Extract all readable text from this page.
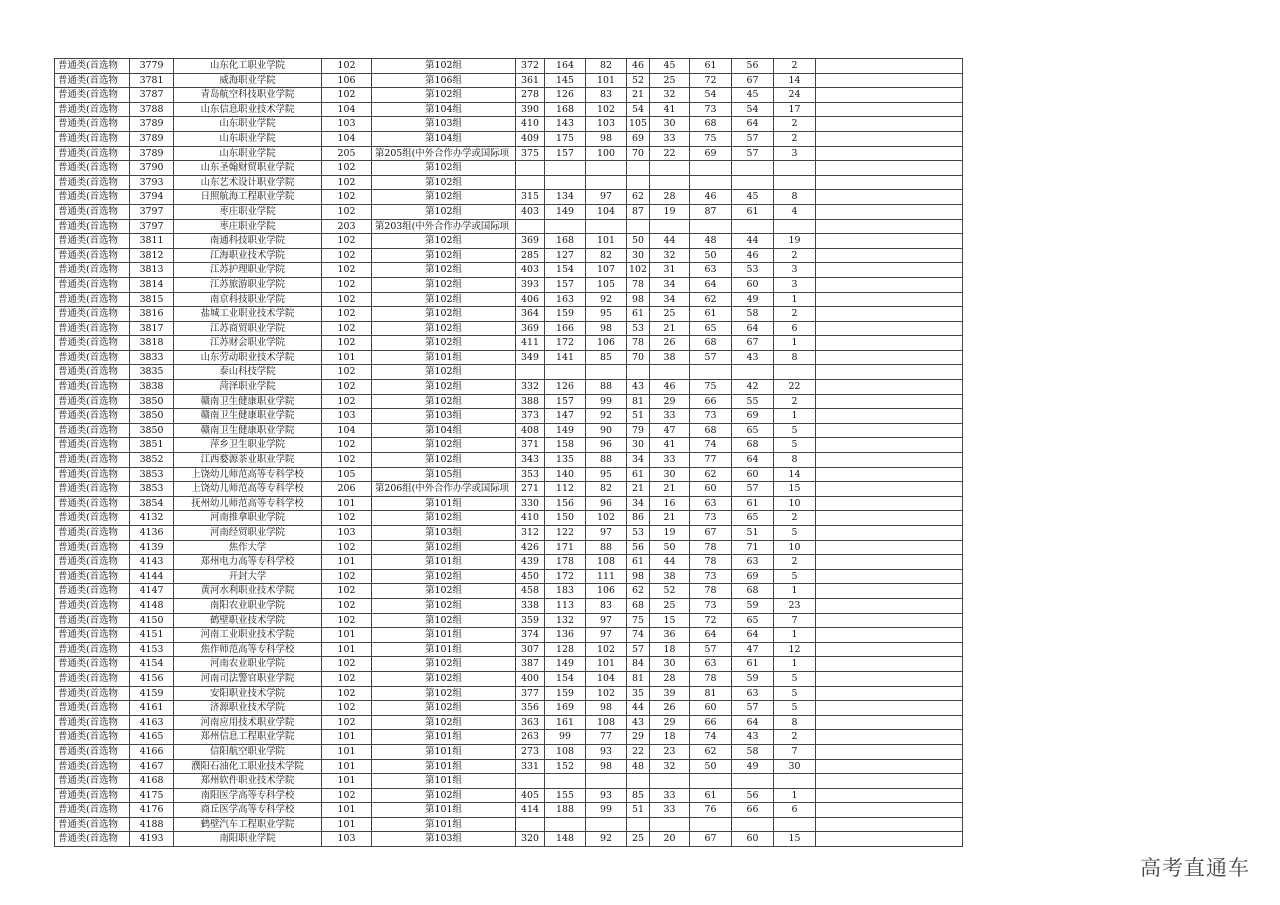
普通类(首选物	3779	山东化工职业学院	102	第102组	372	164	82	46	45	61	56	2	
普通类(首选物	3781	威海职业学院	106	第106组	361	145	101	52	25	72	67	14	
普通类(首选物	3787	青岛航空科技职业学院	102	第102组	278	126	83	21	32	54	45	24	
普通类(首选物	3788	山东信息职业技术学院	104	第104组	390	168	102	54	41	73	54	17	
普通类(首选物	3789	山东职业学院	103	第103组	410	143	103	105	30	68	64	2	
普通类(首选物	3789	山东职业学院	104	第104组	409	175	98	69	33	75	57	2	
普通类(首选物	3789	山东职业学院	205	第205组(中外合作办学或国际项	375	157	100	70	22	69	57	3	
普通类(首选物	3790	山东圣翰财贸职业学院	102	第102组									
普通类(首选物	3793	山东艺术设计职业学院	102	第102组									
普通类(首选物	3794	日照航海工程职业学院	102	第102组	315	134	97	62	28	46	45	8	
普通类(首选物	3797	枣庄职业学院	102	第102组	403	149	104	87	19	87	61	4	
普通类(首选物	3797	枣庄职业学院	203	第203组(中外合作办学或国际项									
普通类(首选物	3811	南通科技职业学院	102	第102组	369	168	101	50	44	48	44	19	
普通类(首选物	3812	江海职业技术学院	102	第102组	285	127	82	30	32	50	46	2	
普通类(首选物	3813	江苏护理职业学院	102	第102组	403	154	107	102	31	63	53	3	
普通类(首选物	3814	江苏旅游职业学院	102	第102组	393	157	105	78	34	64	60	3	
普通类(首选物	3815	南京科技职业学院	102	第102组	406	163	92	98	34	62	49	1	
普通类(首选物	3816	盐城工业职业技术学院	102	第102组	364	159	95	61	25	61	58	2	
普通类(首选物	3817	江苏商贸职业学院	102	第102组	369	166	98	53	21	65	64	6	
普通类(首选物	3818	江苏财会职业学院	102	第102组	411	172	106	78	26	68	67	1	
普通类(首选物	3833	山东劳动职业技术学院	101	第101组	349	141	85	70	38	57	43	8	
普通类(首选物	3835	泰山科技学院	102	第102组									
普通类(首选物	3838	菏泽职业学院	102	第102组	332	126	88	43	46	75	42	22	
普通类(首选物	3850	赣南卫生健康职业学院	102	第102组	388	157	99	81	29	66	55	2	
普通类(首选物	3850	赣南卫生健康职业学院	103	第103组	373	147	92	51	33	73	69	1	
普通类(首选物	3850	赣南卫生健康职业学院	104	第104组	408	149	90	79	47	68	65	5	
普通类(首选物	3851	萍乡卫生职业学院	102	第102组	371	158	96	30	41	74	68	5	
普通类(首选物	3852	江西婺源茶业职业学院	102	第102组	343	135	88	34	33	77	64	8	
普通类(首选物	3853	上饶幼儿师范高等专科学校	105	第105组	353	140	95	61	30	62	60	14	
普通类(首选物	3853	上饶幼儿师范高等专科学校	206	第206组(中外合作办学或国际项	271	112	82	21	21	60	57	15	
普通类(首选物	3854	抚州幼儿师范高等专科学校	101	第101组	330	156	96	34	16	63	61	10	
普通类(首选物	4132	河南推拿职业学院	102	第102组	410	150	102	86	21	73	65	2	
普通类(首选物	4136	河南经贸职业学院	103	第103组	312	122	97	53	19	67	51	5	
普通类(首选物	4139	焦作大学	102	第102组	426	171	88	56	50	78	71	10	
普通类(首选物	4143	郑州电力高等专科学校	101	第101组	439	178	108	61	44	78	63	2	
普通类(首选物	4144	开封大学	102	第102组	450	172	111	98	38	73	69	5	
普通类(首选物	4147	黄河水利职业技术学院	102	第102组	458	183	106	62	52	78	68	1	
普通类(首选物	4148	南阳农业职业学院	102	第102组	338	113	83	68	25	73	59	23	
普通类(首选物	4150	鹤壁职业技术学院	102	第102组	359	132	97	75	15	72	65	7	
普通类(首选物	4151	河南工业职业技术学院	101	第101组	374	136	97	74	36	64	64	1	
普通类(首选物	4153	焦作师范高等专科学校	101	第101组	307	128	102	57	18	57	47	12	
普通类(首选物	4154	河南农业职业学院	102	第102组	387	149	101	84	30	63	61	1	
普通类(首选物	4156	河南司法警官职业学院	102	第102组	400	154	104	81	28	78	59	5	
普通类(首选物	4159	安阳职业技术学院	102	第102组	377	159	102	35	39	81	63	5	
普通类(首选物	4161	济源职业技术学院	102	第102组	356	169	98	44	26	60	57	5	
普通类(首选物	4163	河南应用技术职业学院	102	第102组	363	161	108	43	29	66	64	8	
普通类(首选物	4165	郑州信息工程职业学院	101	第101组	263	99	77	29	18	74	43	2	
普通类(首选物	4166	信阳航空职业学院	101	第101组	273	108	93	22	23	62	58	7	
普通类(首选物	4167	濮阳石油化工职业技术学院	101	第101组	331	152	98	48	32	50	49	30	
普通类(首选物	4168	郑州软件职业技术学院	101	第101组									
普通类(首选物	4175	南阳医学高等专科学校	102	第102组	405	155	93	85	33	61	56	1	
普通类(首选物	4176	商丘医学高等专科学校	101	第101组	414	188	99	51	33	76	66	6	
普通类(首选物	4188	鹤壁汽车工程职业学院	101	第101组									
普通类(首选物	4193	南阳职业学院	103	第103组	320	148	92	25	20	67	60	15	
高考直通车
